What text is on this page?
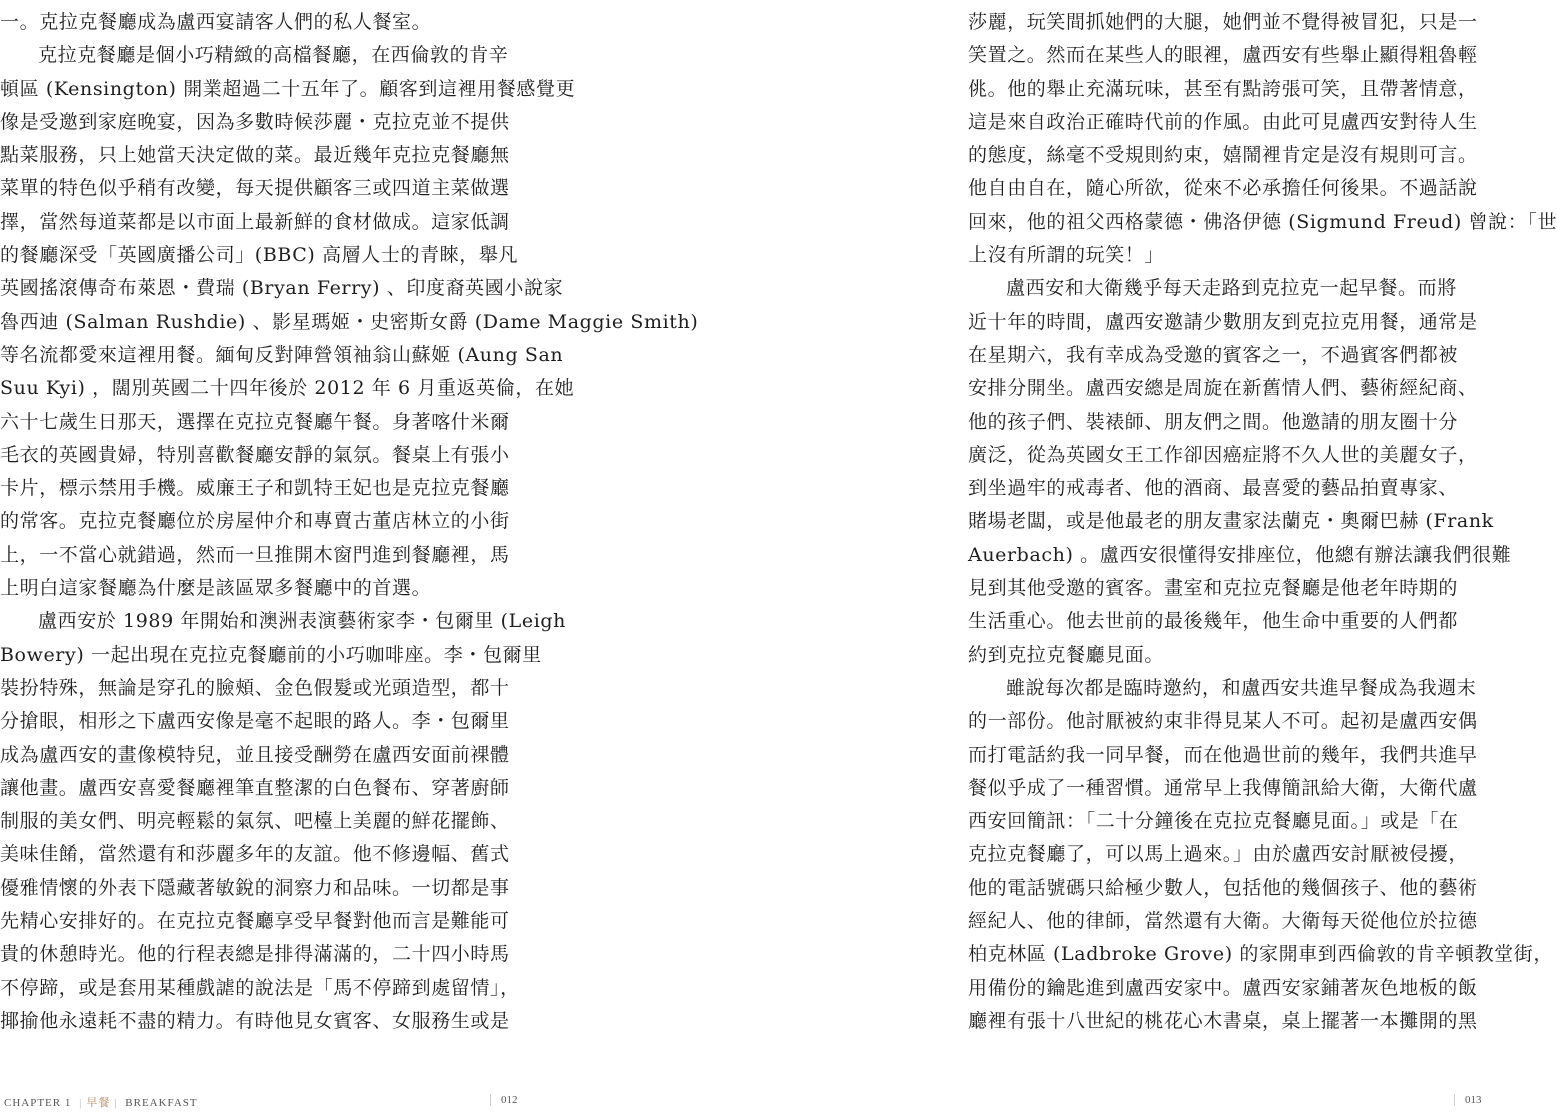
一。克拉克餐廳成為盧西宴請客人們的私人餐室。
克拉克餐廳是個小巧精緻的高檔餐廳，在西倫敦的肯辛
頓區 (Kensington) 開業超過二十五年了。顧客到這裡用餐感覺更
像是受邀到家庭晚宴，因為多數時候莎麗・克拉克並不提供
點菜服務，只上她當天決定做的菜。最近幾年克拉克餐廳無
菜單的特色似乎稍有改變，每天提供顧客三或四道主菜做選
擇，當然每道菜都是以市面上最新鮮的食材做成。這家低調
的餐廳深受「英國廣播公司」(BBC) 高層人士的青睞，舉凡
英國搖滾傳奇布萊恩・費瑞 (Bryan Ferry) 、印度裔英國小說家
魯西迪 (Salman Rushdie) 、影星瑪姬・史密斯女爵 (Dame Maggie Smith)
等名流都愛來這裡用餐。緬甸反對陣營領袖翁山蘇姬 (Aung San
Suu Kyi) ，闊別英國二十四年後於 2012 年 6 月重返英倫，在她
六十七歲生日那天，選擇在克拉克餐廳午餐。身著喀什米爾
毛衣的英國貴婦，特別喜歡餐廳安靜的氣氛。餐桌上有張小
卡片，標示禁用手機。威廉王子和凱特王妃也是克拉克餐廳
的常客。克拉克餐廳位於房屋仲介和專賣古董店林立的小街
上，一不當心就錯過，然而一旦推開木窗門進到餐廳裡，馬
上明白這家餐廳為什麼是該區眾多餐廳中的首選。
盧西安於 1989 年開始和澳洲表演藝術家李・包爾里 (Leigh
Bowery) 一起出現在克拉克餐廳前的小巧咖啡座。李・包爾里
裝扮特殊，無論是穿孔的臉頰、金色假髮或光頭造型，都十
分搶眼，相形之下盧西安像是毫不起眼的路人。李・包爾里
成為盧西安的畫像模特兒，並且接受酬勞在盧西安面前裸體
讓他畫。盧西安喜愛餐廳裡筆直整潔的白色餐布、穿著廚師
制服的美女們、明亮輕鬆的氣氛、吧檯上美麗的鮮花擺飾、
美味佳餚，當然還有和莎麗多年的友誼。他不修邊幅、舊式
優雅情懷的外表下隱藏著敏銳的洞察力和品味。一切都是事
先精心安排好的。在克拉克餐廳享受早餐對他而言是難能可
貴的休憩時光。他的行程表總是排得滿滿的，二十四小時馬
不停蹄，或是套用某種戲謔的說法是「馬不停蹄到處留情」，
揶揄他永遠耗不盡的精力。有時他見女賓客、女服務生或是
CHAPTER 1 | 早餐 | BREAKFAST	012
莎麗，玩笑間抓她們的大腿，她們並不覺得被冒犯，只是一
笑置之。然而在某些人的眼裡，盧西安有些舉止顯得粗魯輕
佻。他的舉止充滿玩味，甚至有點誇張可笑，且帶著情意，
這是來自政治正確時代前的作風。由此可見盧西安對待人生
的態度，絲毫不受規則約束，嬉鬧裡肯定是沒有規則可言。
他自由自在，隨心所欲，從來不必承擔任何後果。不過話說
回來，他的祖父西格蒙德・佛洛伊德 (Sigmund Freud) 曾說：「世
上沒有所謂的玩笑！」
盧西安和大衛幾乎每天走路到克拉克一起早餐。而將
近十年的時間，盧西安邀請少數朋友到克拉克用餐，通常是
在星期六，我有幸成為受邀的賓客之一，不過賓客們都被
安排分開坐。盧西安總是周旋在新舊情人們、藝術經紀商、
他的孩子們、裝裱師、朋友們之間。他邀請的朋友圈十分
廣泛，從為英國女王工作卻因癌症將不久人世的美麗女子，
到坐過牢的戒毒者、他的酒商、最喜愛的藝品拍賣專家、
賭場老闆，或是他最老的朋友畫家法蘭克・奧爾巴赫 (Frank
Auerbach) 。盧西安很懂得安排座位，他總有辦法讓我們很難
見到其他受邀的賓客。畫室和克拉克餐廳是他老年時期的
生活重心。他去世前的最後幾年，他生命中重要的人們都
約到克拉克餐廳見面。
雖說每次都是臨時邀約，和盧西安共進早餐成為我週末
的一部份。他討厭被約束非得見某人不可。起初是盧西安偶
而打電話約我一同早餐，而在他過世前的幾年，我們共進早
餐似乎成了一種習慣。通常早上我傳簡訊給大衛，大衛代盧
西安回簡訊：「二十分鐘後在克拉克餐廳見面。」或是「在
克拉克餐廳了，可以馬上過來。」由於盧西安討厭被侵擾，
他的電話號碼只給極少數人，包括他的幾個孩子、他的藝術
經紀人、他的律師，當然還有大衛。大衛每天從他位於拉德
柏克林區 (Ladbroke Grove) 的家開車到西倫敦的肯辛頓教堂街，
用備份的鑰匙進到盧西安家中。盧西安家鋪著灰色地板的飯
廳裡有張十八世紀的桃花心木書桌，桌上擺著一本攤開的黑
013
